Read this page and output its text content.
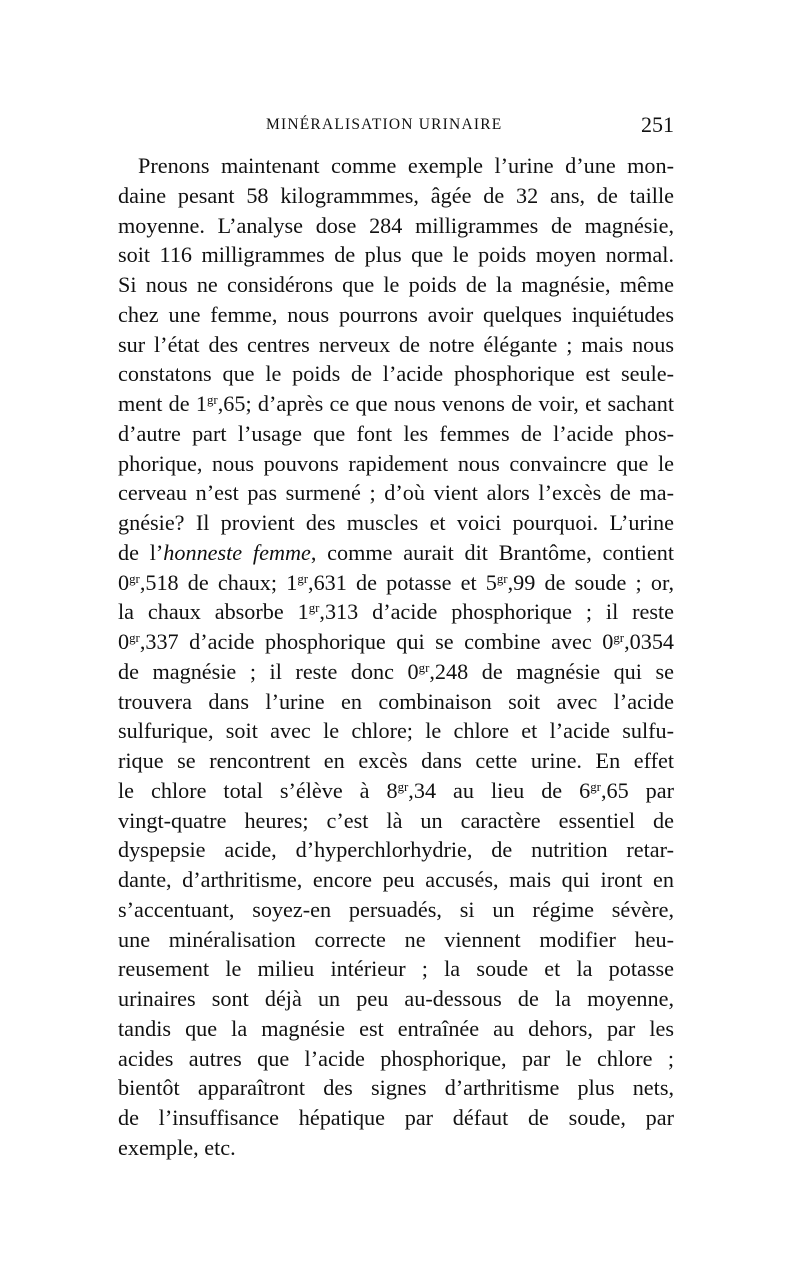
MINÉRALISATION URINAIRE	251
Prenons maintenant comme exemple l’urine d’une mon-
daine pesant 58 kilogrammmes, âgée de 32 ans, de taille
moyenne. L’analyse dose 284 milligrammes de magnésie,
soit 116 milligrammes de plus que le poids moyen normal.
Si nous ne considérons que le poids de la magnésie, même
chez une femme, nous pourrons avoir quelques inquiétudes
sur l’état des centres nerveux de notre élégante ; mais nous
constatons que le poids de l’acide phosphorique est seule-
ment de $1^{gr},65$; d’après ce que nous venons de voir, et sachant
d’autre part l’usage que font les femmes de l’acide phos-
phorique, nous pouvons rapidement nous convaincre que le
cerveau n’est pas surmené ; d’où vient alors l’excès de ma-
gnésie? Il provient des muscles et voici pourquoi. L’urine
de l’honneste femme, comme aurait dit Brantôme, contient
$0^{gr},518$ de chaux; $1^{gr},631$ de potasse et $5^{gr},99$ de soude ; or,
la chaux absorbe $1^{gr},313$ d’acide phosphorique ; il reste
$0^{gr},337$ d’acide phosphorique qui se combine avec $0^{gr},0354$
de magnésie ; il reste donc $0^{gr},248$ de magnésie qui se
trouvera dans l’urine en combinaison soit avec l’acide
sulfurique, soit avec le chlore; le chlore et l’acide sulfu-
rique se rencontrent en excès dans cette urine. En effet
le chlore total s’élève à $8^{gr},34$ au lieu de $6^{gr},65$ par
vingt-quatre heures; c’est là un caractère essentiel de
dyspepsie acide, d’hyperchlorhydrie, de nutrition retar-
dante, d’arthritisme, encore peu accusés, mais qui iront en
s’accentuant, soyez-en persuadés, si un régime sévère,
une minéralisation correcte ne viennent modifier heu-
reusement le milieu intérieur ; la soude et la potasse
urinaires sont déjà un peu au-dessous de la moyenne,
tandis que la magnésie est entraînée au dehors, par les
acides autres que l’acide phosphorique, par le chlore ;
bientôt apparaîtront des signes d’arthritisme plus nets,
de l’insuffisance hépatique par défaut de soude, par
exemple, etc.
